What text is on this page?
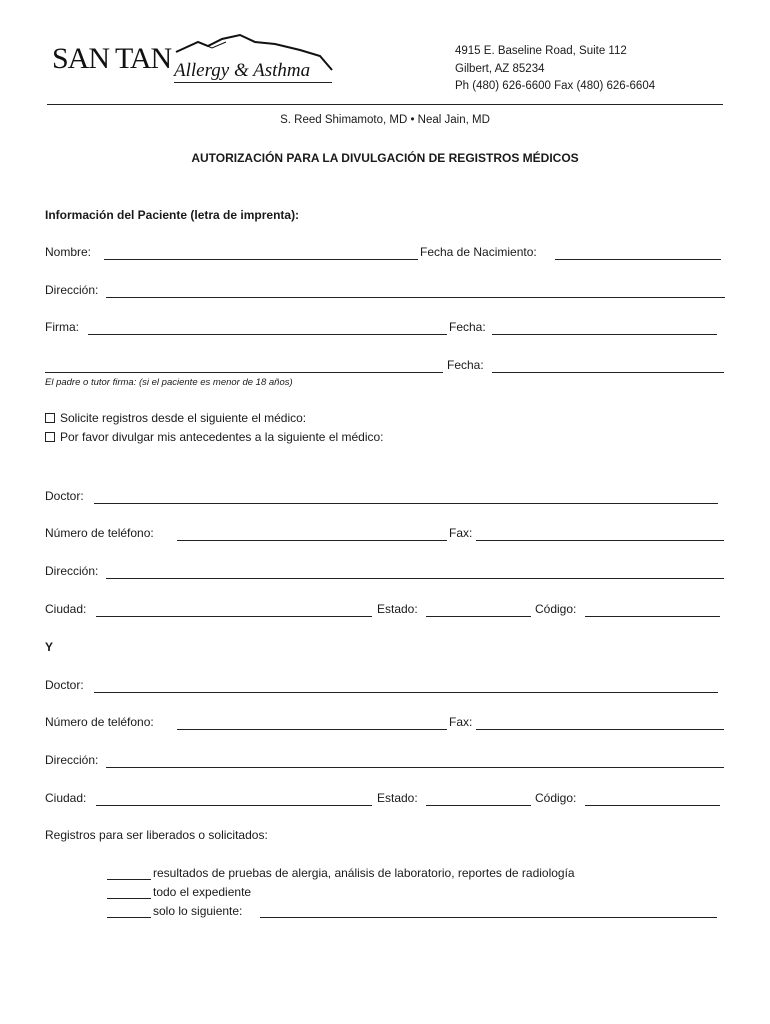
SAN TAN Allergy & Asthma
4915 E. Baseline Road, Suite 112
Gilbert, AZ 85234
Ph (480) 626-6600 Fax (480) 626-6604
S. Reed Shimamoto, MD • Neal Jain, MD
AUTORIZACIÓN PARA LA DIVULGACIÓN DE REGISTROS MÉDICOS
Información del Paciente (letra de imprenta):
Nombre:	Fecha de Nacimiento:
Dirección:
Firma:	Fecha:
Fecha:
El padre o tutor firma: (si el paciente es menor de 18 años)
Solicite registros desde el siguiente el médico:
Por favor divulgar mis antecedentes a la siguiente el médico:
Doctor:
Número de teléfono:	Fax:
Dirección:
Ciudad:	Estado:	Código:
Y
Doctor:
Número de teléfono:	Fax:
Dirección:
Ciudad:	Estado:	Código:
Registros para ser liberados o solicitados:
resultados de pruebas de alergia, análisis de laboratorio, reportes de radiología
todo el expediente
solo lo siguiente:
